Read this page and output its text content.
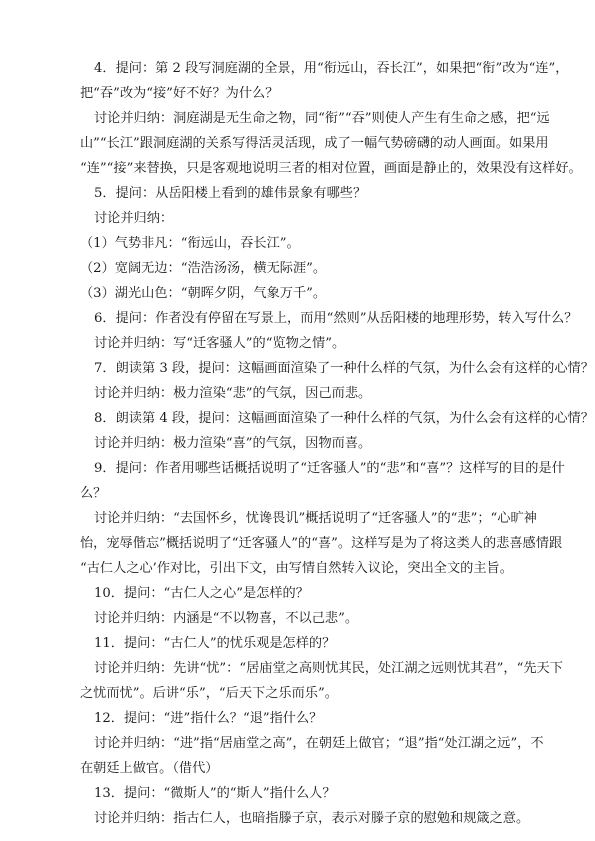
4．提问：第 2 段写洞庭湖的全景，用“衔远山，吞长江”，如果把“衔”改为“连”，
把“吞”改为“接”好不好？为什么？
讨论并归纳：洞庭湖是无生命之物，同“衔”“吞”则使人产生有生命之感，把“远
山”“长江”跟洞庭湖的关系写得活灵活现，成了一幅气势磅礴的动人画面。如果用
“连”“接”来替换，只是客观地说明三者的相对位置，画面是静止的，效果没有这样好。
5．提问：从岳阳楼上看到的雄伟景象有哪些？
讨论并归纳：
（1）气势非凡：“衔远山，吞长江”。
（2）宽阔无边：“浩浩汤汤，横无际涯”。
（3）湖光山色：“朝晖夕阴，气象万千”。
6．提问：作者没有停留在写景上，而用“然则”从岳阳楼的地理形势，转入写什么？
讨论并归纳：写“迁客骚人”的“览物之情”。
7．朗读第 3 段，提问：这幅画面渲染了一种什么样的气氛，为什么会有这样的心情？
讨论并归纳：极力渲染“悲”的气氛，因己而悲。
8．朗读第 4 段，提问：这幅画面渲染了一种什么样的气氛，为什么会有这样的心情？
讨论并归纳：极力渲染“喜”的气氛，因物而喜。
9．提问：作者用哪些话概括说明了“迁客骚人”的“悲”和“喜”？这样写的目的是什
么？
讨论并归纳：“去国怀乡，忧谗畏讥”概括说明了“迁客骚人”的“悲”；“心旷神
怡，宠辱偕忘”概括说明了“迁客骚人”的“喜”。这样写是为了将这类人的悲喜感情跟
“古仁人之心’作对比，引出下文，由写情自然转入议论，突出全文的主旨。
10．提问：“古仁人之心”是怎样的？
讨论并归纳：内涵是“不以物喜，不以己悲”。
11．提问：“古仁人”的忧乐观是怎样的？
讨论并归纳：先讲“忧”：“居庙堂之高则忧其民，处江湖之远则忧其君”，“先天下
之忧而忧”。后讲“乐”，“后天下之乐而乐”。
12．提问：“进”指什么？“退”指什么？
讨论并归纳：“进”指“居庙堂之高”，在朝廷上做官；“退”指“处江湖之远”，不
在朝廷上做官。（借代）
13．提问：“微斯人”的“斯人”指什么人？
讨论并归纳：指古仁人，也暗指滕子京，表示对滕子京的慰勉和规箴之意。
